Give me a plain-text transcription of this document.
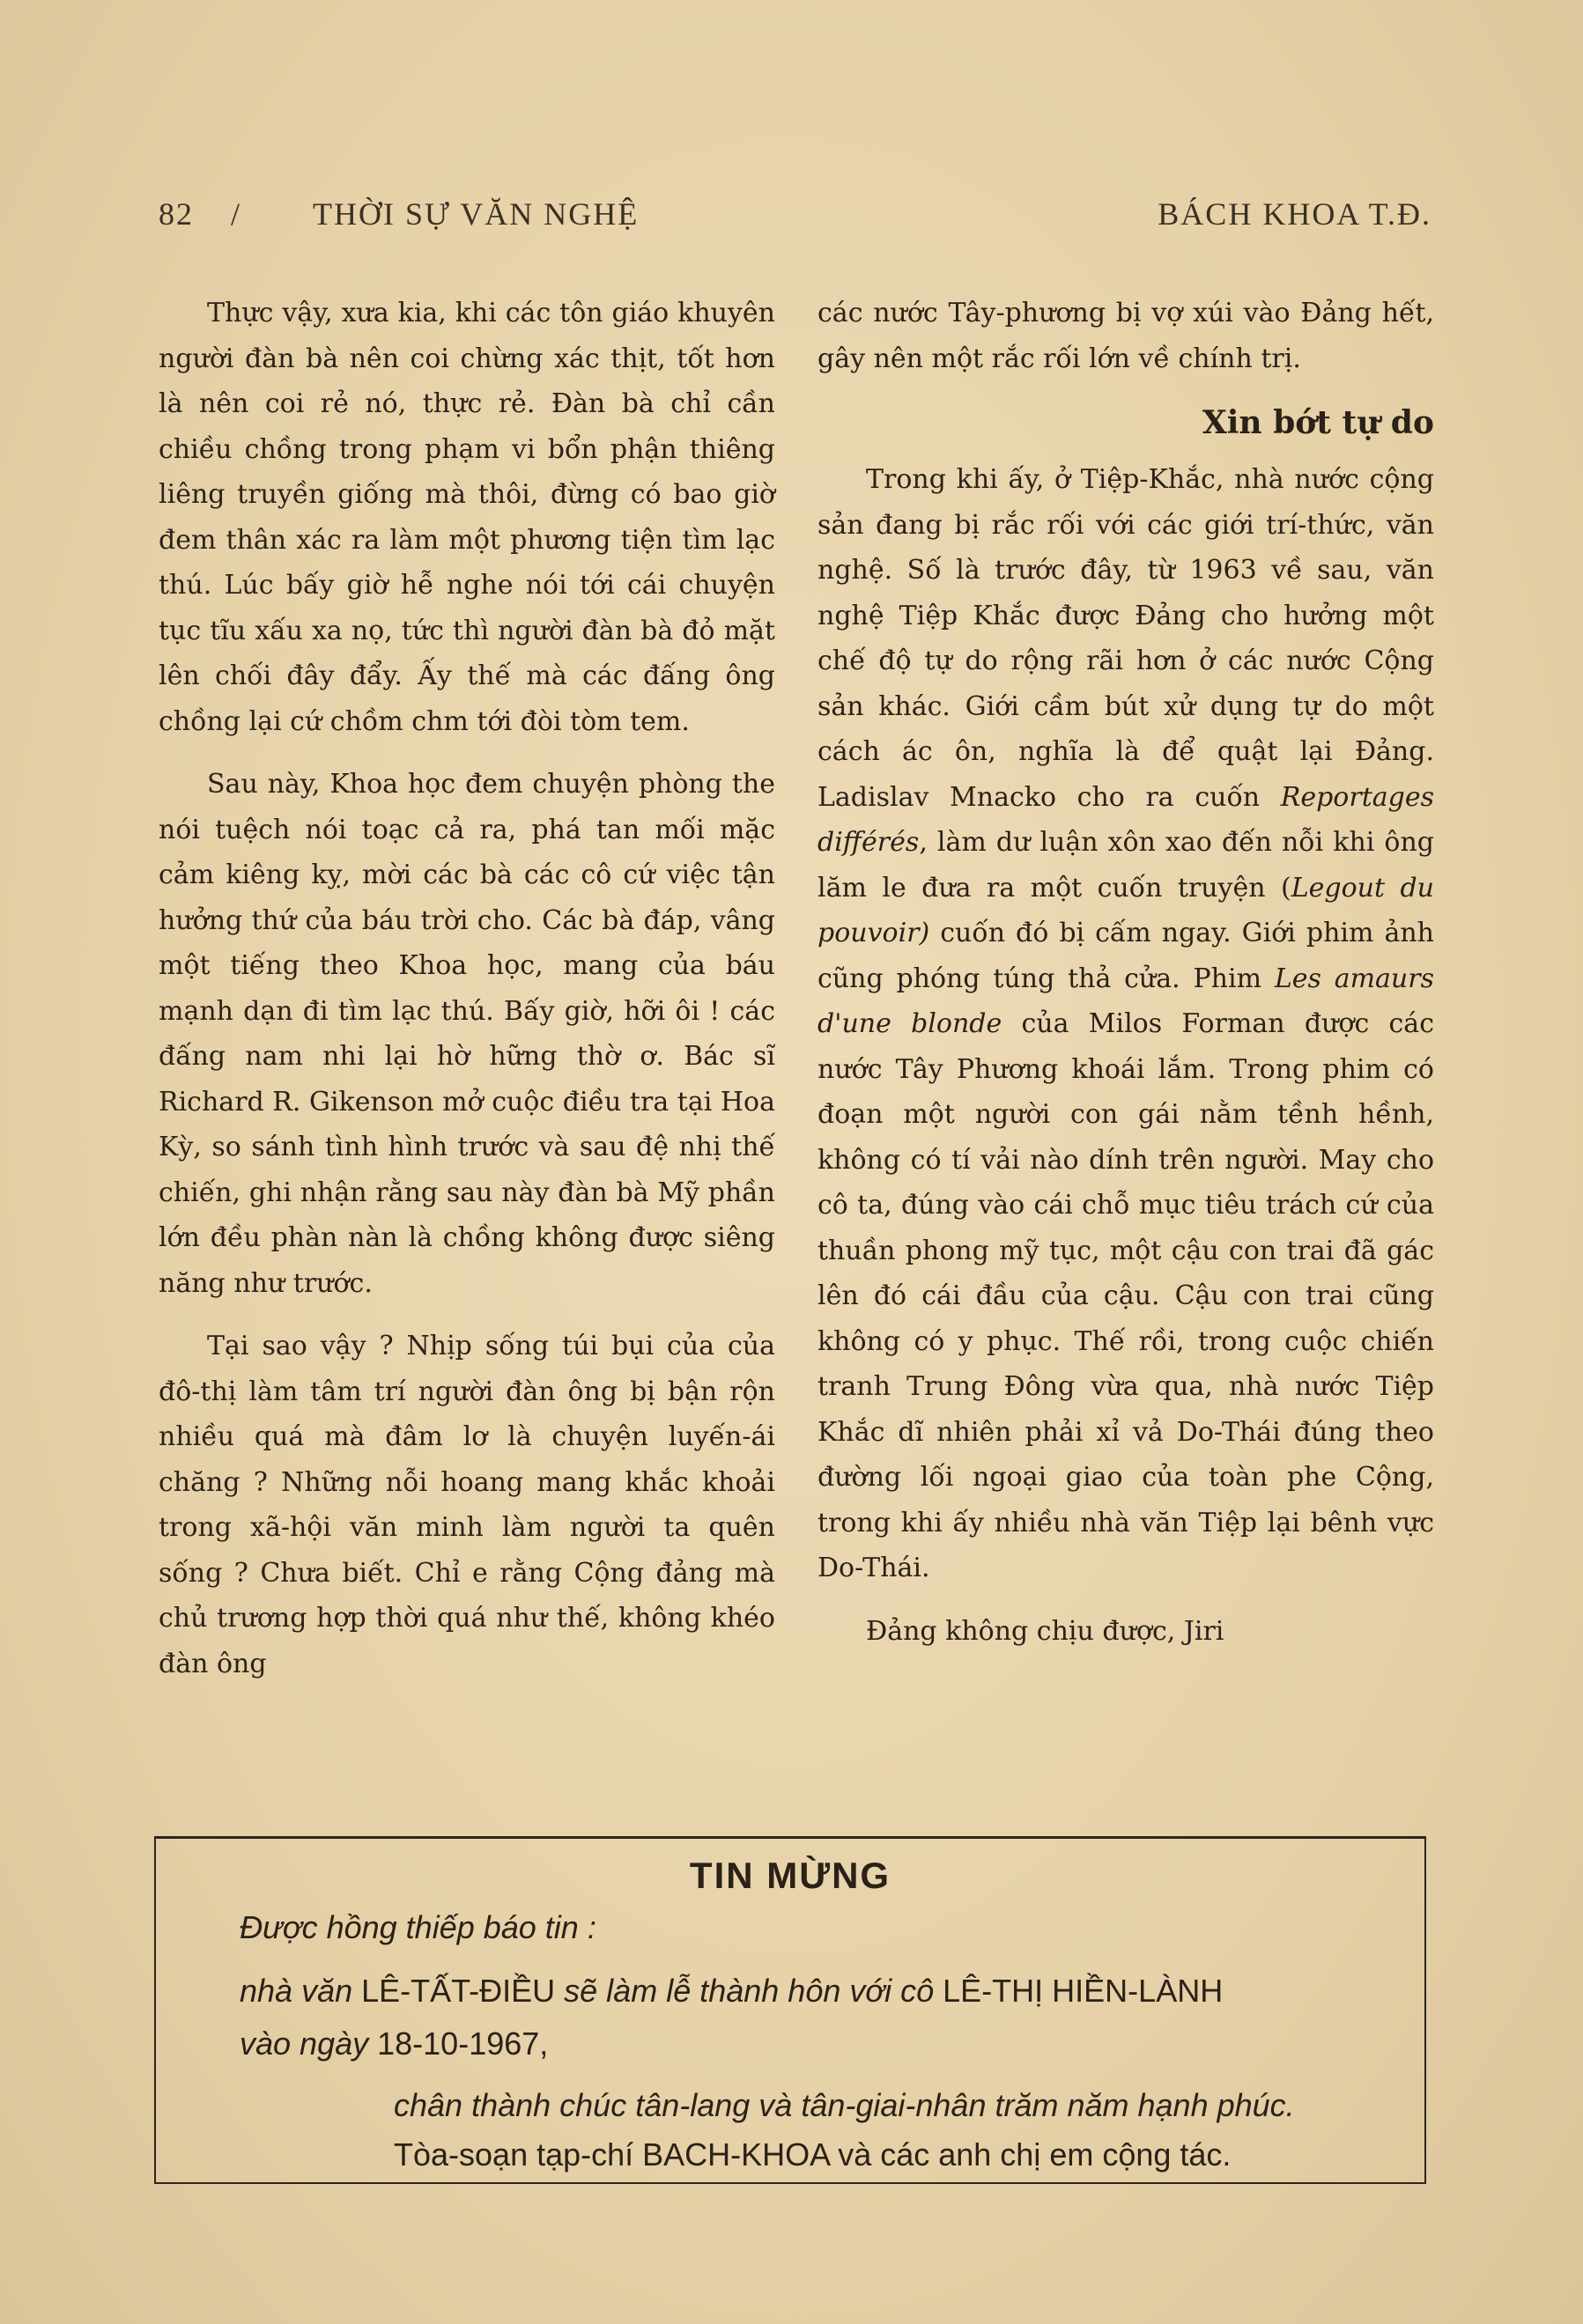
82 / THỜI SỰ VĂN NGHỆ	BÁCH KHOA T.Đ.

Thực vậy, xưa kia, khi các tôn giáo khuyên người đàn bà nên coi chừng xác thịt, tốt hơn là nên coi rẻ nó, thực rẻ. Đàn bà chỉ cần chiều chồng trong phạm vi bổn phận thiêng liêng truyền giống mà thôi, đừng có bao giờ đem thân xác ra làm một phương tiện tìm lạc thú. Lúc bấy giờ hễ nghe nói tới cái chuyện tục tĩu xấu xa nọ, tức thì người đàn bà đỏ mặt lên chối đây đẩy. Ấy thế mà các đấng ông chồng lại cứ chồm chm tới đòi tòm tem.

Sau này, Khoa học đem chuyện phòng the nói tuệch nói toạc cả ra, phá tan mối mặc cảm kiêng kỵ, mời các bà các cô cứ việc tận hưởng thứ của báu trời cho. Các bà đáp, vâng một tiếng theo Khoa học, mang của báu mạnh dạn đi tìm lạc thú. Bấy giờ, hỡi ôi ! các đấng nam nhi lại hờ hững thờ ơ. Bác sĩ Richard R. Gikenson mở cuộc điều tra tại Hoa Kỳ, so sánh tình hình trước và sau đệ nhị thế chiến, ghi nhận rằng sau này đàn bà Mỹ phần lớn đều phàn nàn là chồng không được siêng năng như trước.

Tại sao vậy ? Nhịp sống túi bụi của của đô-thị làm tâm trí người đàn ông bị bận rộn nhiều quá mà đâm lơ là chuyện luyến-ái chăng ? Những nỗi hoang mang khắc khoải trong xã-hội văn minh làm người ta quên sống ? Chưa biết. Chỉ e rằng Cộng đảng mà chủ trương hợp thời quá như thế, không khéo đàn ông

các nước Tây-phương bị vợ xúi vào Đảng hết, gây nên một rắc rối lớn về chính trị.

Xin bớt tự do

Trong khi ấy, ở Tiệp-Khắc, nhà nước cộng sản đang bị rắc rối với các giới trí-thức, văn nghệ. Số là trước đây, từ 1963 về sau, văn nghệ Tiệp Khắc được Đảng cho hưởng một chế độ tự do rộng rãi hơn ở các nước Cộng sản khác. Giới cầm bút xử dụng tự do một cách ác ôn, nghĩa là để quật lại Đảng. Ladislav Mnacko cho ra cuốn Reportages différés, làm dư luận xôn xao đến nỗi khi ông lăm le đưa ra một cuốn truyện (Legout du pouvoir) cuốn đó bị cấm ngay. Giới phim ảnh cũng phóng túng thả cửa. Phim Les amaurs d'une blonde của Milos Forman được các nước Tây Phương khoái lắm. Trong phim có đoạn một người con gái nằm tềnh hềnh, không có tí vải nào dính trên người. May cho cô ta, đúng vào cái chỗ mục tiêu trách cứ của thuần phong mỹ tục, một cậu con trai đã gác lên đó cái đầu của cậu. Cậu con trai cũng không có y phục. Thế rồi, trong cuộc chiến tranh Trung Đông vừa qua, nhà nước Tiệp Khắc dĩ nhiên phải xỉ vả Do-Thái đúng theo đường lối ngoại giao của toàn phe Cộng, trong khi ấy nhiều nhà văn Tiệp lại bênh vực Do-Thái.

Đảng không chịu được, Jiri

TIN MỪNG
Được hồng thiếp báo tin :
nhà văn LÊ-TẤT-ĐIỀU sẽ làm lễ thành hôn với cô LÊ-THỊ HIỀN-LÀNH
vào ngày 18-10-1967,
chân thành chúc tân-lang và tân-giai-nhân trăm năm hạnh phúc.
Tòa-soạn tạp-chí BACH-KHOA và các anh chị em cộng tác.
